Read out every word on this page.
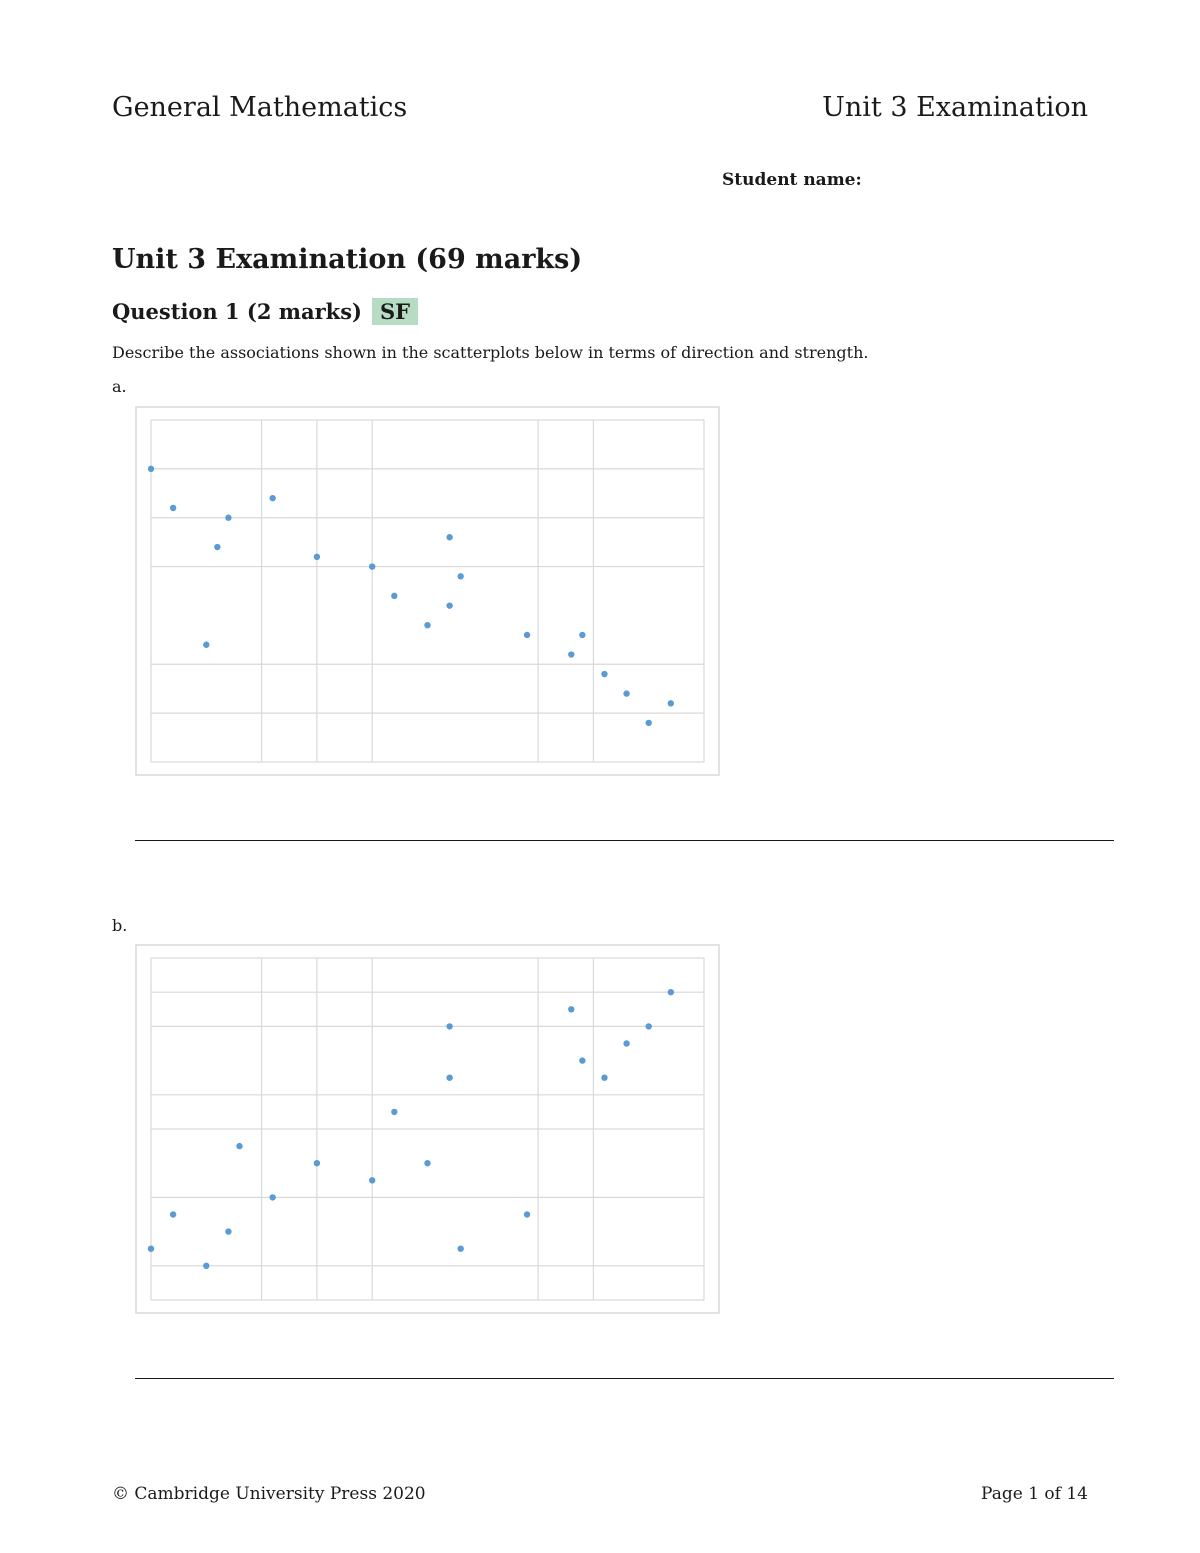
General Mathematics	Unit 3 Examination
Student name:
Unit 3 Examination (69 marks)
Question 1 (2 marks) SF
Describe the associations shown in the scatterplots below in terms of direction and strength.
a.
b.
© Cambridge University Press 2020	Page 1 of 14
